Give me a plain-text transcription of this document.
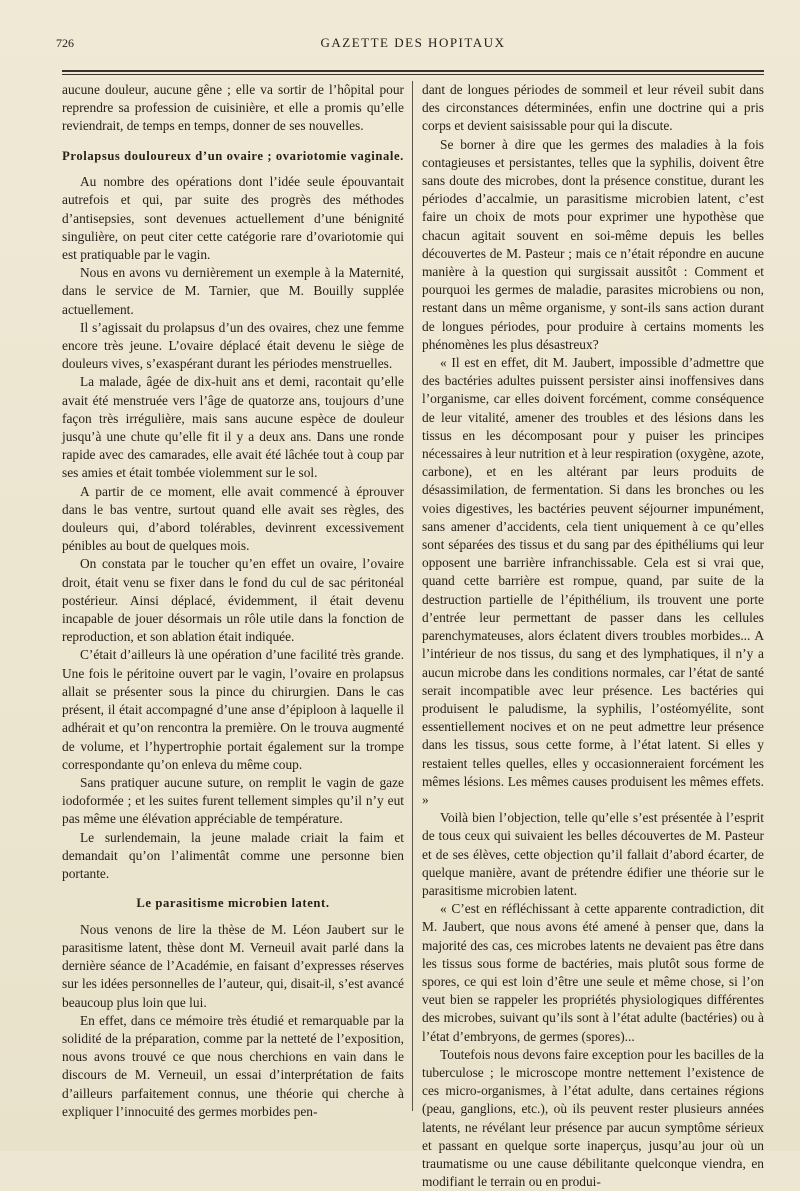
726	GAZETTE DES HOPITAUX

aucune douleur, aucune gêne ; elle va sortir de l’hôpital pour reprendre sa profession de cuisinière, et elle a promis qu’elle reviendrait, de temps en temps, donner de ses nouvelles.

Prolapsus douloureux d’un ovaire ; ovariotomie vaginale.

Au nombre des opérations dont l’idée seule épouvantait autrefois et qui, par suite des progrès des méthodes d’antisepsies, sont devenues actuellement d’une bénignité singulière, on peut citer cette catégorie rare d’ovariotomie qui est pratiquable par le vagin.

Nous en avons vu dernièrement un exemple à la Maternité, dans le service de M. Tarnier, que M. Bouilly supplée actuellement.

Il s’agissait du prolapsus d’un des ovaires, chez une femme encore très jeune. L’ovaire déplacé était devenu le siège de douleurs vives, s’exaspérant durant les périodes menstruelles.

La malade, âgée de dix-huit ans et demi, racontait qu’elle avait été menstruée vers l’âge de quatorze ans, toujours d’une façon très irrégulière, mais sans aucune espèce de douleur jusqu’à une chute qu’elle fit il y a deux ans. Dans une ronde rapide avec des camarades, elle avait été lâchée tout à coup par ses amies et était tombée violemment sur le sol.

A partir de ce moment, elle avait commencé à éprouver dans le bas ventre, surtout quand elle avait ses règles, des douleurs qui, d’abord tolérables, devinrent excessivement pénibles au bout de quelques mois.

On constata par le toucher qu’en effet un ovaire, l’ovaire droit, était venu se fixer dans le fond du cul de sac péritonéal postérieur. Ainsi déplacé, évidemment, il était devenu incapable de jouer désormais un rôle utile dans la fonction de reproduction, et son ablation était indiquée.

C’était d’ailleurs là une opération d’une facilité très grande. Une fois le péritoine ouvert par le vagin, l’ovaire en prolapsus allait se présenter sous la pince du chirurgien. Dans le cas présent, il était accompagné d’une anse d’épiploon à laquelle il adhérait et qu’on rencontra la première. On le trouva augmenté de volume, et l’hypertrophie portait également sur la trompe correspondante qu’on enleva du même coup.

Sans pratiquer aucune suture, on remplit le vagin de gaze iodoformée ; et les suites furent tellement simples qu’il n’y eut pas même une élévation appréciable de température.

Le surlendemain, la jeune malade criait la faim et demandait qu’on l’alimentât comme une personne bien portante.

Le parasitisme microbien latent.

Nous venons de lire la thèse de M. Léon Jaubert sur le parasitisme latent, thèse dont M. Verneuil avait parlé dans la dernière séance de l’Académie, en faisant d’expresses réserves sur les idées personnelles de l’auteur, qui, disait-il, s’est avancé beaucoup plus loin que lui.

En effet, dans ce mémoire très étudié et remarquable par la solidité de la préparation, comme par la netteté de l’exposition, nous avons trouvé ce que nous cherchions en vain dans le discours de M. Verneuil, un essai d’interprétation de faits d’ailleurs parfaitement connus, une théorie qui cherche à expliquer l’innocuité des germes morbides pen-

dant de longues périodes de sommeil et leur réveil subit dans des circonstances déterminées, enfin une doctrine qui a pris corps et devient saisissable pour qui la discute.

Se borner à dire que les germes des maladies à la fois contagieuses et persistantes, telles que la syphilis, doivent être sans doute des microbes, dont la présence constitue, durant les périodes d’accalmie, un parasitisme microbien latent, c’est faire un choix de mots pour exprimer une hypothèse que chacun agitait souvent en soi-même depuis les belles découvertes de M. Pasteur ; mais ce n’était répondre en aucune manière à la question qui surgissait aussitôt : Comment et pourquoi les germes de maladie, parasites microbiens ou non, restant dans un même organisme, y sont-ils sans action durant de longues périodes, pour produire à certains moments les phénomènes les plus désastreux?

« Il est en effet, dit M. Jaubert, impossible d’admettre que des bactéries adultes puissent persister ainsi inoffensives dans l’organisme, car elles doivent forcément, comme conséquence de leur vitalité, amener des troubles et des lésions dans les tissus en les décomposant pour y puiser les principes nécessaires à leur nutrition et à leur respiration (oxygène, azote, carbone), et en les altérant par leurs produits de désassimilation, de fermentation. Si dans les bronches ou les voies digestives, les bactéries peuvent séjourner impunément, sans amener d’accidents, cela tient uniquement à ce qu’elles sont séparées des tissus et du sang par des épithéliums qui leur opposent une barrière infranchissable. Cela est si vrai que, quand cette barrière est rompue, quand, par suite de la destruction partielle de l’épithélium, ils trouvent une porte d’entrée leur permettant de passer dans les cellules parenchymateuses, alors éclatent divers troubles morbides... A l’intérieur de nos tissus, du sang et des lymphatiques, il n’y a aucun microbe dans les conditions normales, car l’état de santé serait incompatible avec leur présence. Les bactéries qui produisent le paludisme, la syphilis, l’ostéomyélite, sont essentiellement nocives et on ne peut admettre leur présence dans les tissus, sous cette forme, à l’état latent. Si elles y restaient telles quelles, elles y occasionneraient forcément les mêmes lésions. Les mêmes causes produisent les mêmes effets. »

Voilà bien l’objection, telle qu’elle s’est présentée à l’esprit de tous ceux qui suivaient les belles découvertes de M. Pasteur et de ses élèves, cette objection qu’il fallait d’abord écarter, de quelque manière, avant de prétendre édifier une théorie sur le parasitisme microbien latent.

« C’est en réfléchissant à cette apparente contradiction, dit M. Jaubert, que nous avons été amené à penser que, dans la majorité des cas, ces microbes latents ne devaient pas être dans les tissus sous forme de bactéries, mais plutôt sous forme de spores, ce qui est loin d’être une seule et même chose, si l’on veut bien se rappeler les propriétés physiologiques différentes des microbes, suivant qu’ils sont à l’état adulte (bactéries) ou à l’état d’embryons, de germes (spores)...

Toutefois nous devons faire exception pour les bacilles de la tuberculose ; le microscope montre nettement l’existence de ces micro-organismes, à l’état adulte, dans certaines régions (peau, ganglions, etc.), où ils peuvent rester plusieurs années latents, ne révélant leur présence par aucun symptôme sérieux et passant en quelque sorte inaperçus, jusqu’au jour où un traumatisme ou une cause débilitante quelconque viendra, en modifiant le terrain ou en produi-
